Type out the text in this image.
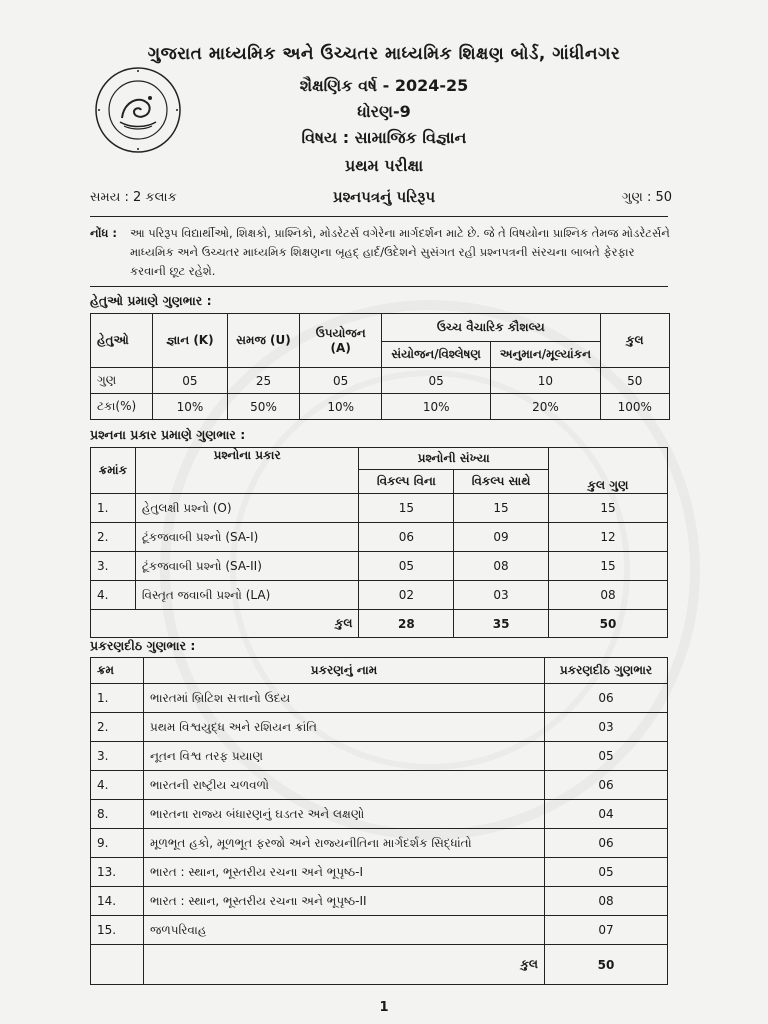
ગુજરાત માધ્યમિક અને ઉચ્ચતર માધ્યમિક શિક્ષણ બોર્ડ, ગાંધીનગર
શૈક્ષણિક વર્ષ - 2024-25
ધોરણ-9
વિષય : સામાજિક વિજ્ઞાન
પ્રથમ પરીક્ષા
સમય : 2 કલાક	પ્રશ્નપત્રનું પરિરૂપ	ગુણ : 50
નોંધ : આ પરિરૂપ વિદ્યાર્થીઓ, શિક્ષકો, પ્રાશ્નિકો, મોડરેટર્સ વગેરેના માર્ગદર્શન માટે છે. જે તે વિષયોના પ્રાશ્નિક તેમજ મોડરેટર્સને માધ્યમિક અને ઉચ્ચતર માધ્યમિક શિક્ષણના બૃહદ્ હાર્દ/ઉદેશને સુસંગત રહી પ્રશ્નપત્રની સંરચના બાબતે ફેરફાર કરવાની છૂટ રહેશે.
હેતુઓ પ્રમાણે ગુણભાર :
હેતુઓ	જ્ઞાન (K)	સમજ (U)	ઉપયોજન (A)	ઉચ્ચ વૈચારિક કૌશલ્ય		કુલ
				સંયોજન/વિશ્લેષણ	અનુમાન/મૂલ્યાંકન	
ગુણ	05	25	05	05	10	50
ટકા(%)	10%	50%	10%	10%	20%	100%
પ્રશ્નના પ્રકાર પ્રમાણે ગુણભાર :
ક્રમાંક	પ્રશ્નોના પ્રકાર	પ્રશ્નોની સંખ્યા		કુલ ગુણ
		વિકલ્પ વિના	વિકલ્પ સાથે	
1.	હેતુલક્ષી પ્રશ્નો (O)	15	15	15
2.	ટૂંકજવાબી પ્રશ્નો (SA-I)	06	09	12
3.	ટૂંકજવાબી પ્રશ્નો (SA-II)	05	08	15
4.	વિસ્તૃત જવાબી પ્રશ્નો (LA)	02	03	08
કુલ		28	35	50
પ્રકરણદીઠ ગુણભાર :
ક્રમ	પ્રકરણનું નામ	પ્રકરણદીઠ ગુણભાર
1.	ભારતમાં બ્રિટિશ સત્તાનો ઉદય	06
2.	પ્રથમ વિશ્વયુદ્ધ અને રશિયન ક્રાંતિ	03
3.	નૂતન વિશ્વ તરફ પ્રયાણ	05
4.	ભારતની રાષ્ટ્રીય ચળવળો	06
8.	ભારતના રાજ્ય બંધારણનું ઘડતર અને લક્ષણો	04
9.	મૂળભૂત હકો, મૂળભૂત ફરજો અને રાજ્યનીતિના માર્ગદર્શક સિદ્ધાંતો	06
13.	ભારત : સ્થાન, ભૂસ્તરીય રચના અને ભૂપૃષ્ઠ-I	05
14.	ભારત : સ્થાન, ભૂસ્તરીય રચના અને ભૂપૃષ્ઠ-II	08
15.	જળપરિવાહ	07
	કુલ	50
1
